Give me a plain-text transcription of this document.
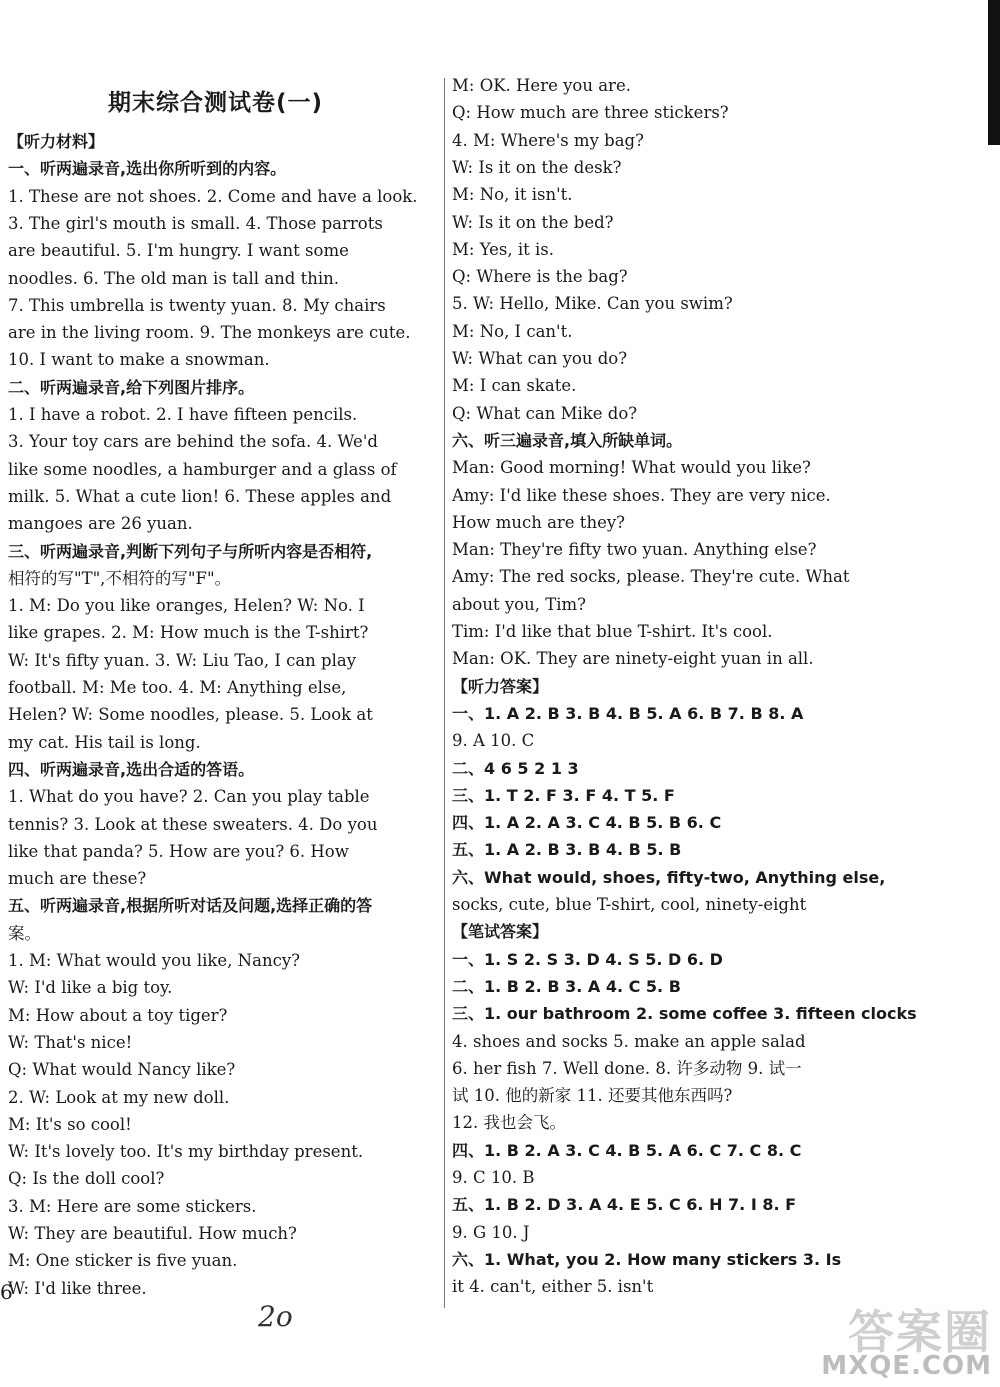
期末综合测试卷(一)
【听力材料】
一、听两遍录音,选出你所听到的内容。
1. These are not shoes. 2. Come and have a look.
3. The girl's mouth is small. 4. Those parrots
are beautiful. 5. I'm hungry. I want some
noodles. 6. The old man is tall and thin.
7. This umbrella is twenty yuan. 8. My chairs
are in the living room. 9. The monkeys are cute.
10. I want to make a snowman.
二、听两遍录音,给下列图片排序。
1. I have a robot. 2. I have fifteen pencils.
3. Your toy cars are behind the sofa. 4. We'd
like some noodles, a hamburger and a glass of
milk. 5. What a cute lion! 6. These apples and
mangoes are 26 yuan.
三、听两遍录音,判断下列句子与所听内容是否相符,
相符的写"T",不相符的写"F"。
1. M: Do you like oranges, Helen? W: No. I
like grapes. 2. M: How much is the T-shirt?
W: It's fifty yuan. 3. W: Liu Tao, I can play
football. M: Me too. 4. M: Anything else,
Helen? W: Some noodles, please. 5. Look at
my cat. His tail is long.
四、听两遍录音,选出合适的答语。
1. What do you have? 2. Can you play table
tennis? 3. Look at these sweaters. 4. Do you
like that panda? 5. How are you? 6. How
much are these?
五、听两遍录音,根据所听对话及问题,选择正确的答
案。
1. M: What would you like, Nancy?
W: I'd like a big toy.
M: How about a toy tiger?
W: That's nice!
Q: What would Nancy like?
2. W: Look at my new doll.
M: It's so cool!
W: It's lovely too. It's my birthday present.
Q: Is the doll cool?
3. M: Here are some stickers.
W: They are beautiful. How much?
M: One sticker is five yuan.
W: I'd like three.
M: OK. Here you are.
Q: How much are three stickers?
4. M: Where's my bag?
W: Is it on the desk?
M: No, it isn't.
W: Is it on the bed?
M: Yes, it is.
Q: Where is the bag?
5. W: Hello, Mike. Can you swim?
M: No, I can't.
W: What can you do?
M: I can skate.
Q: What can Mike do?
六、听三遍录音,填入所缺单词。
Man: Good morning! What would you like?
Amy: I'd like these shoes. They are very nice.
How much are they?
Man: They're fifty two yuan. Anything else?
Amy: The red socks, please. They're cute. What
about you, Tim?
Tim: I'd like that blue T-shirt. It's cool.
Man: OK. They are ninety-eight yuan in all.
【听力答案】
一、1. A 2. B 3. B 4. B 5. A 6. B 7. B 8. A
9. A 10. C
二、4 6 5 2 1 3
三、1. T 2. F 3. F 4. T 5. F
四、1. A 2. A 3. C 4. B 5. B 6. C
五、1. A 2. B 3. B 4. B 5. B
六、What would, shoes, fifty-two, Anything else,
socks, cute, blue T-shirt, cool, ninety-eight
【笔试答案】
一、1. S 2. S 3. D 4. S 5. D 6. D
二、1. B 2. B 3. A 4. C 5. B
三、1. our bathroom 2. some coffee 3. fifteen clocks
4. shoes and socks 5. make an apple salad
6. her fish 7. Well done. 8. 许多动物 9. 试一
试 10. 他的新家 11. 还要其他东西吗?
12. 我也会飞。
四、1. B 2. A 3. C 4. B 5. A 6. C 7. C 8. C
9. C 10. B
五、1. B 2. D 3. A 4. E 5. C 6. H 7. I 8. F
9. G 10. J
六、1. What, you 2. How many stickers 3. Is
it 4. can't, either 5. isn't
6
2o	答案圈
MXQE.COM
